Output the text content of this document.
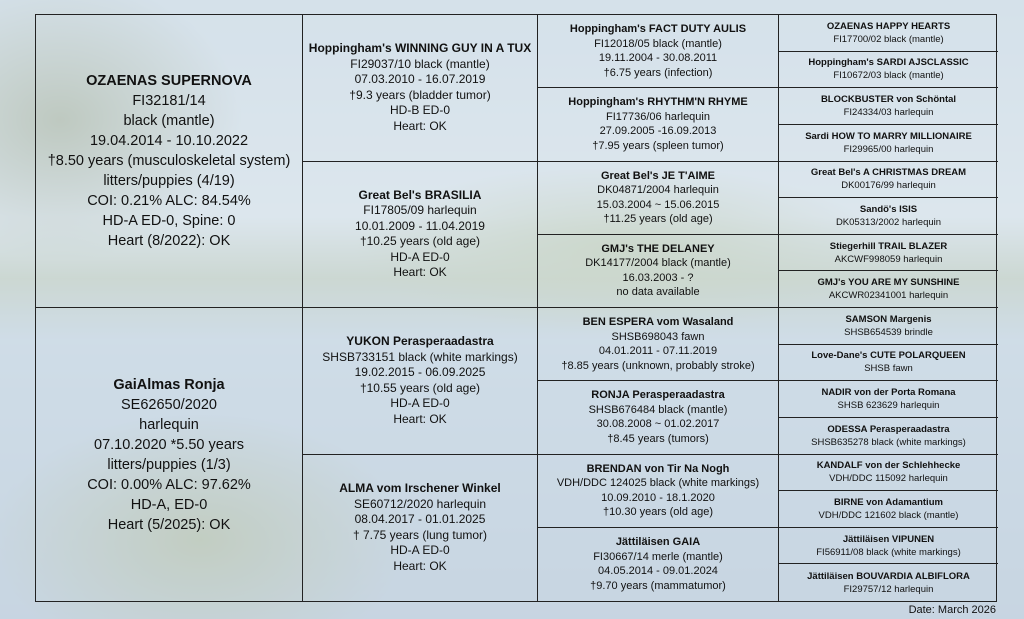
OZAENAS SUPERNOVA
FI32181/14
black (mantle)
19.04.2014 - 10.10.2022
†8.50 years (musculoskeletal system)
litters/puppies (4/19)
COI: 0.21% ALC: 84.54%
HD-A ED-0, Spine: 0
Heart (8/2022): OK
GaiAlmas Ronja
SE62650/2020
harlequin
07.10.2020 *5.50 years
litters/puppies (1/3)
COI: 0.00% ALC: 97.62%
HD-A, ED-0
Heart (5/2025): OK
Hoppingham's WINNING GUY IN A TUX
FI29037/10 black (mantle)
07.03.2010 - 16.07.2019
†9.3 years (bladder tumor)
HD-B ED-0
Heart: OK
Great Bel's BRASILIA
FI17805/09 harlequin
10.01.2009 - 11.04.2019
†10.25 years (old age)
HD-A ED-0
Heart: OK
YUKON Perasperaadastra
SHSB733151 black (white markings)
19.02.2015 - 06.09.2025
†10.55 years (old age)
HD-A ED-0
Heart: OK
ALMA vom Irschener Winkel
SE60712/2020 harlequin
08.04.2017 - 01.01.2025
† 7.75 years (lung tumor)
HD-A ED-0
Heart: OK
Hoppingham's FACT DUTY AULIS
FI12018/05 black (mantle)
19.11.2004 - 30.08.2011
†6.75 years (infection)
Hoppingham's RHYTHM'N RHYME
FI17736/06 harlequin
27.09.2005 -16.09.2013
†7.95 years (spleen tumor)
Great Bel's JE T'AIME
DK04871/2004 harlequin
15.03.2004 ~ 15.06.2015
†11.25 years (old age)
GMJ's THE DELANEY
DK14177/2004 black (mantle)
16.03.2003 - ?
no data available
BEN ESPERA vom Wasaland
SHSB698043 fawn
04.01.2011 - 07.11.2019
†8.85 years (unknown, probably stroke)
RONJA Perasperaadastra
SHSB676484 black (mantle)
30.08.2008 ~ 01.02.2017
†8.45 years (tumors)
BRENDAN von Tir Na Nogh
VDH/DDC 124025 black (white markings)
10.09.2010 - 18.1.2020
†10.30 years (old age)
Jättiläisen GAIA
FI30667/14 merle (mantle)
04.05.2014 - 09.01.2024
†9.70 years (mammatumor)
OZAENAS HAPPY HEARTS
FI17700/02 black (mantle)
Hoppingham's SARDI AJSCLASSIC
FI10672/03 black (mantle)
BLOCKBUSTER von Schöntal
FI24334/03 harlequin
Sardi HOW TO MARRY MILLIONAIRE
FI29965/00 harlequin
Great Bel's A CHRISTMAS DREAM
DK00176/99 harlequin
Sandö's ISIS
DK05313/2002 harlequin
Stiegerhill TRAIL BLAZER
AKCWF998059 harlequin
GMJ's YOU ARE MY SUNSHINE
AKCWR02341001 harlequin
SAMSON Margenis
SHSB654539 brindle
Love-Dane's CUTE POLARQUEEN
SHSB fawn
NADIR von der Porta Romana
SHSB 623629 harlequin
ODESSA Perasperaadastra
SHSB635278 black (white markings)
KANDALF von der Schlehhecke
VDH/DDC 115092 harlequin
BIRNE von Adamantium
VDH/DDC 121602 black (mantle)
Jättiläisen VIPUNEN
FI56911/08 black (white markings)
Jättiläisen BOUVARDIA ALBIFLORA
FI29757/12 harlequin
Date: March 2026
